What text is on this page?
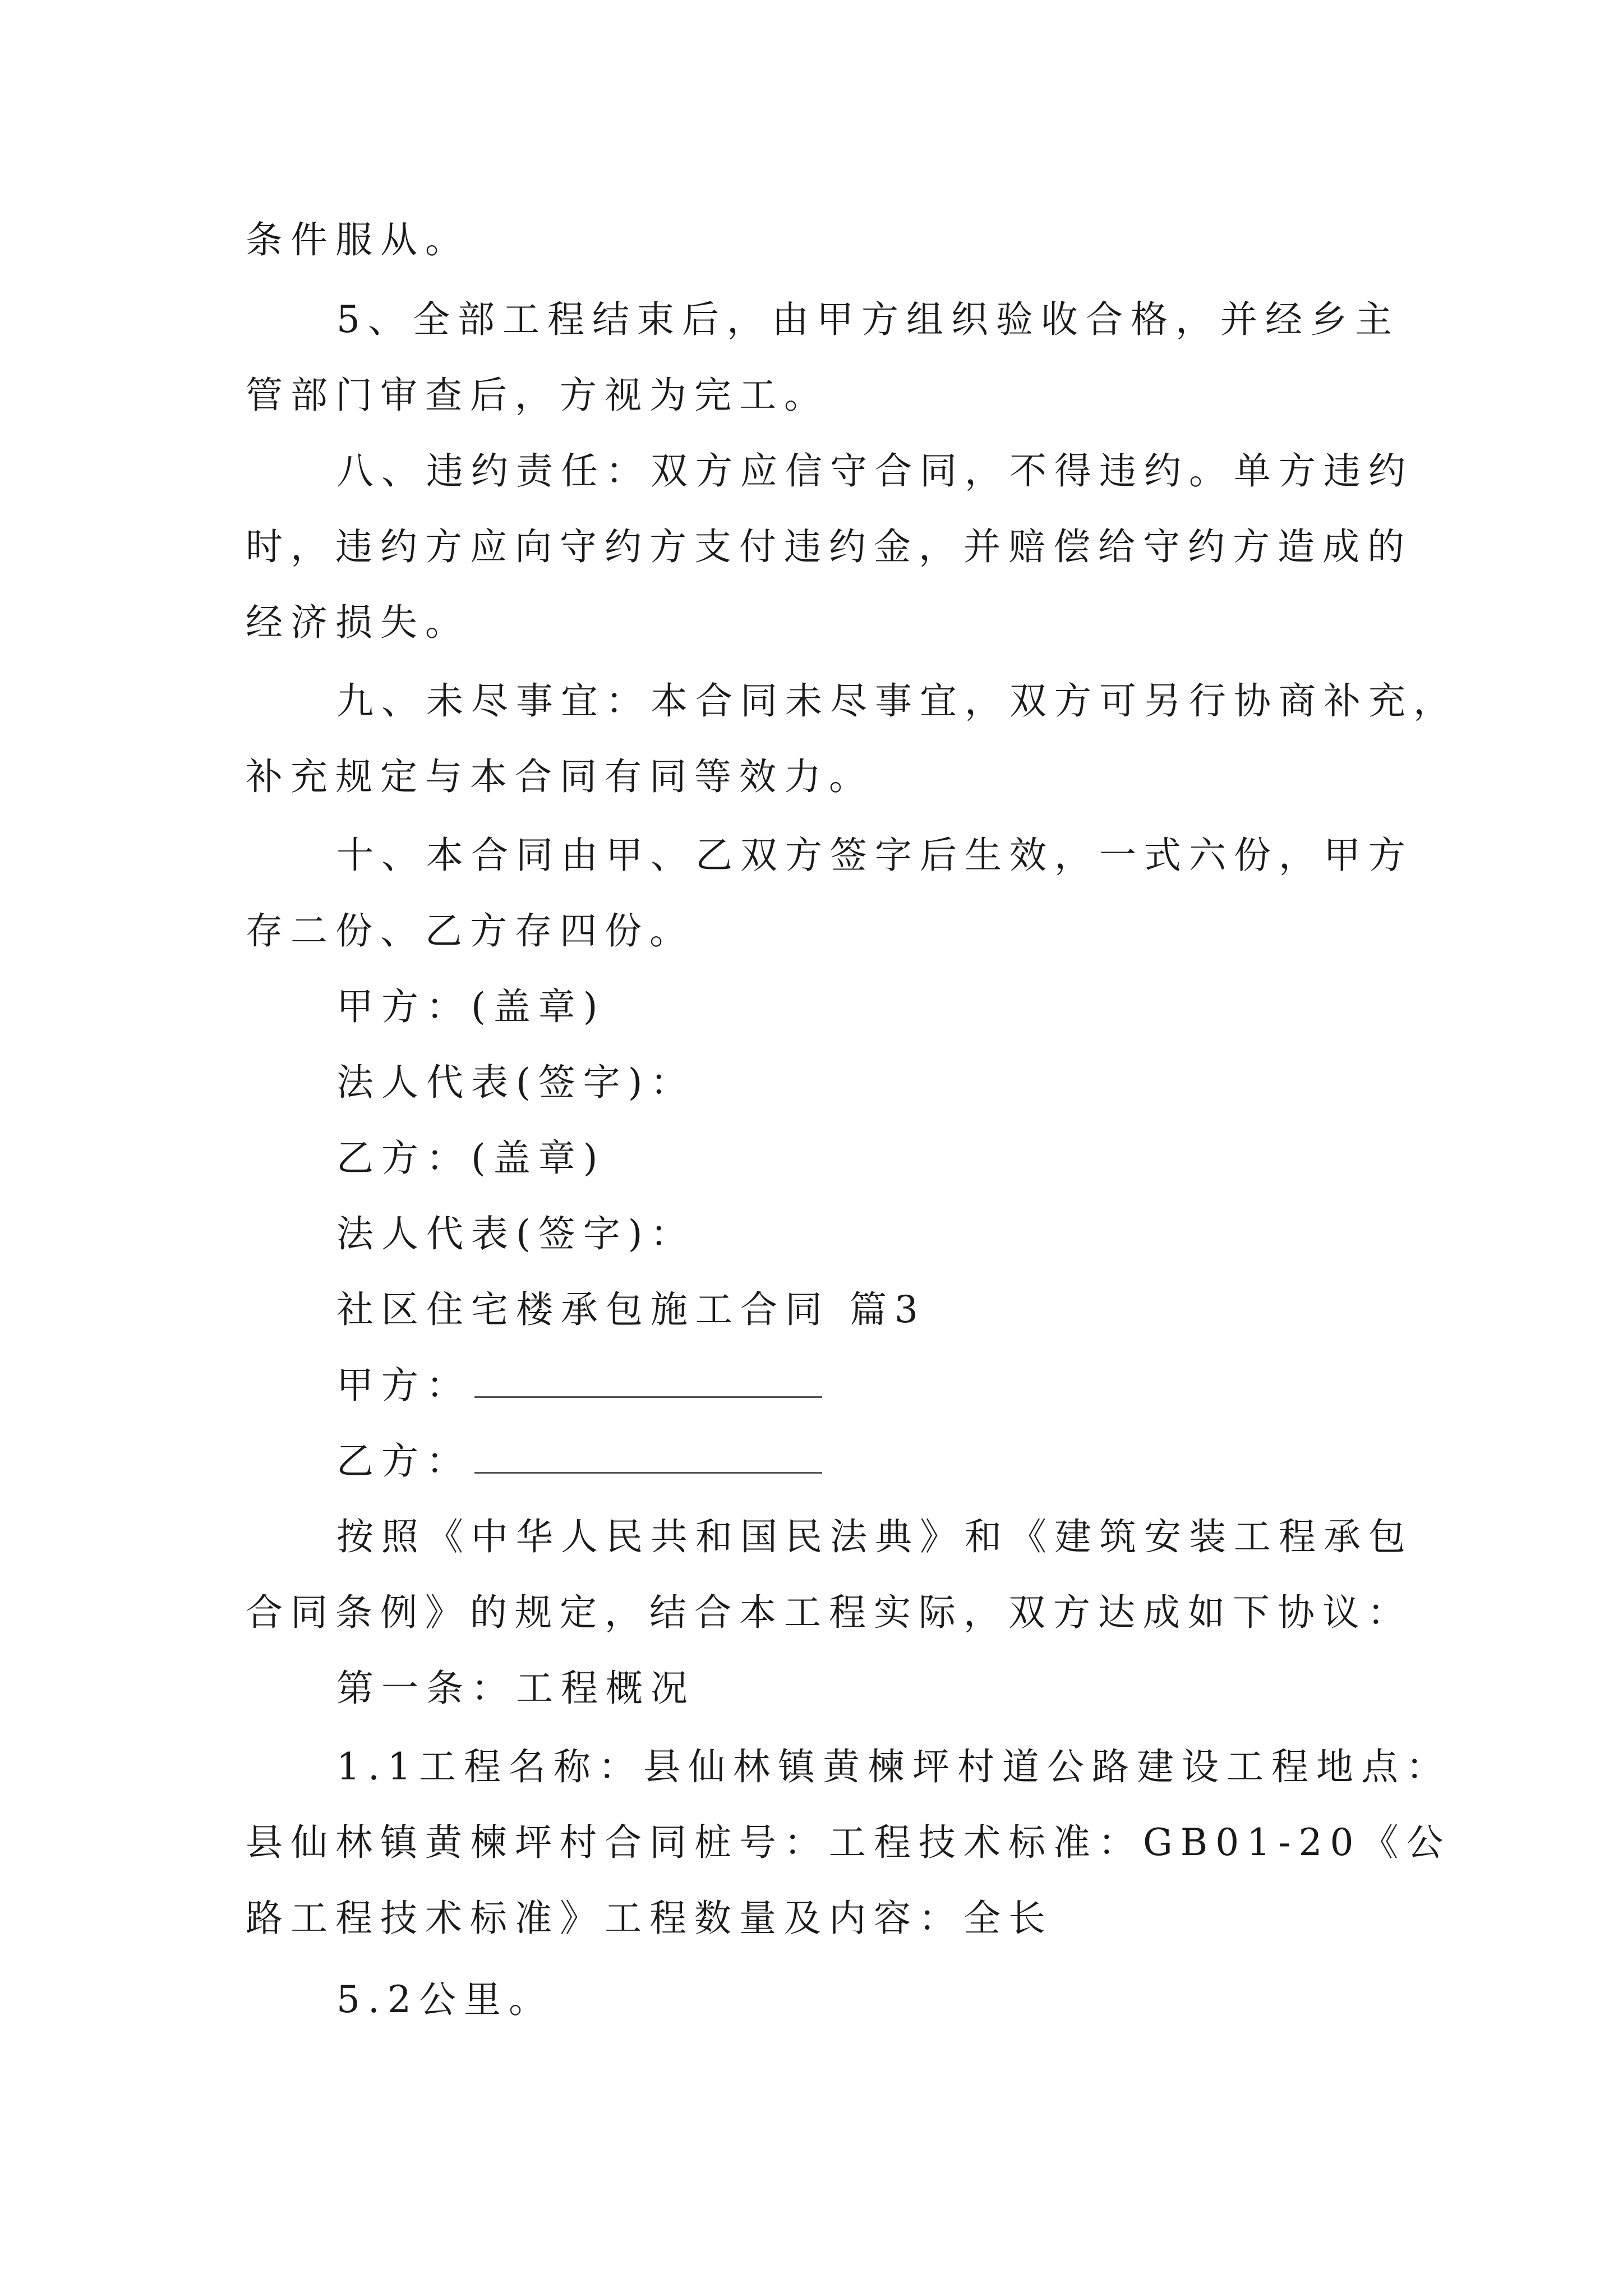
条件服从。
5、全部工程结束后，由甲方组织验收合格，并经乡主
管部门审查后，方视为完工。
八、违约责任：双方应信守合同，不得违约。单方违约
时，违约方应向守约方支付违约金，并赔偿给守约方造成的
经济损失。
九、未尽事宜：本合同未尽事宜，双方可另行协商补充，
补充规定与本合同有同等效力。
十、本合同由甲、乙双方签字后生效，一式六份，甲方
存二份、乙方存四份。
甲方：(盖章)
法人代表(签字)：
乙方：(盖章)
法人代表(签字)：
社区住宅楼承包施工合同 篇3
甲方：
乙方：
按照《中华人民共和国民法典》和《建筑安装工程承包
合同条例》的规定，结合本工程实际，双方达成如下协议：
第一条：工程概况
1.1工程名称：县仙林镇黄楝坪村道公路建设工程地点：
县仙林镇黄楝坪村合同桩号：工程技术标准：GB01-20《公
路工程技术标准》工程数量及内容：全长
5.2公里。
